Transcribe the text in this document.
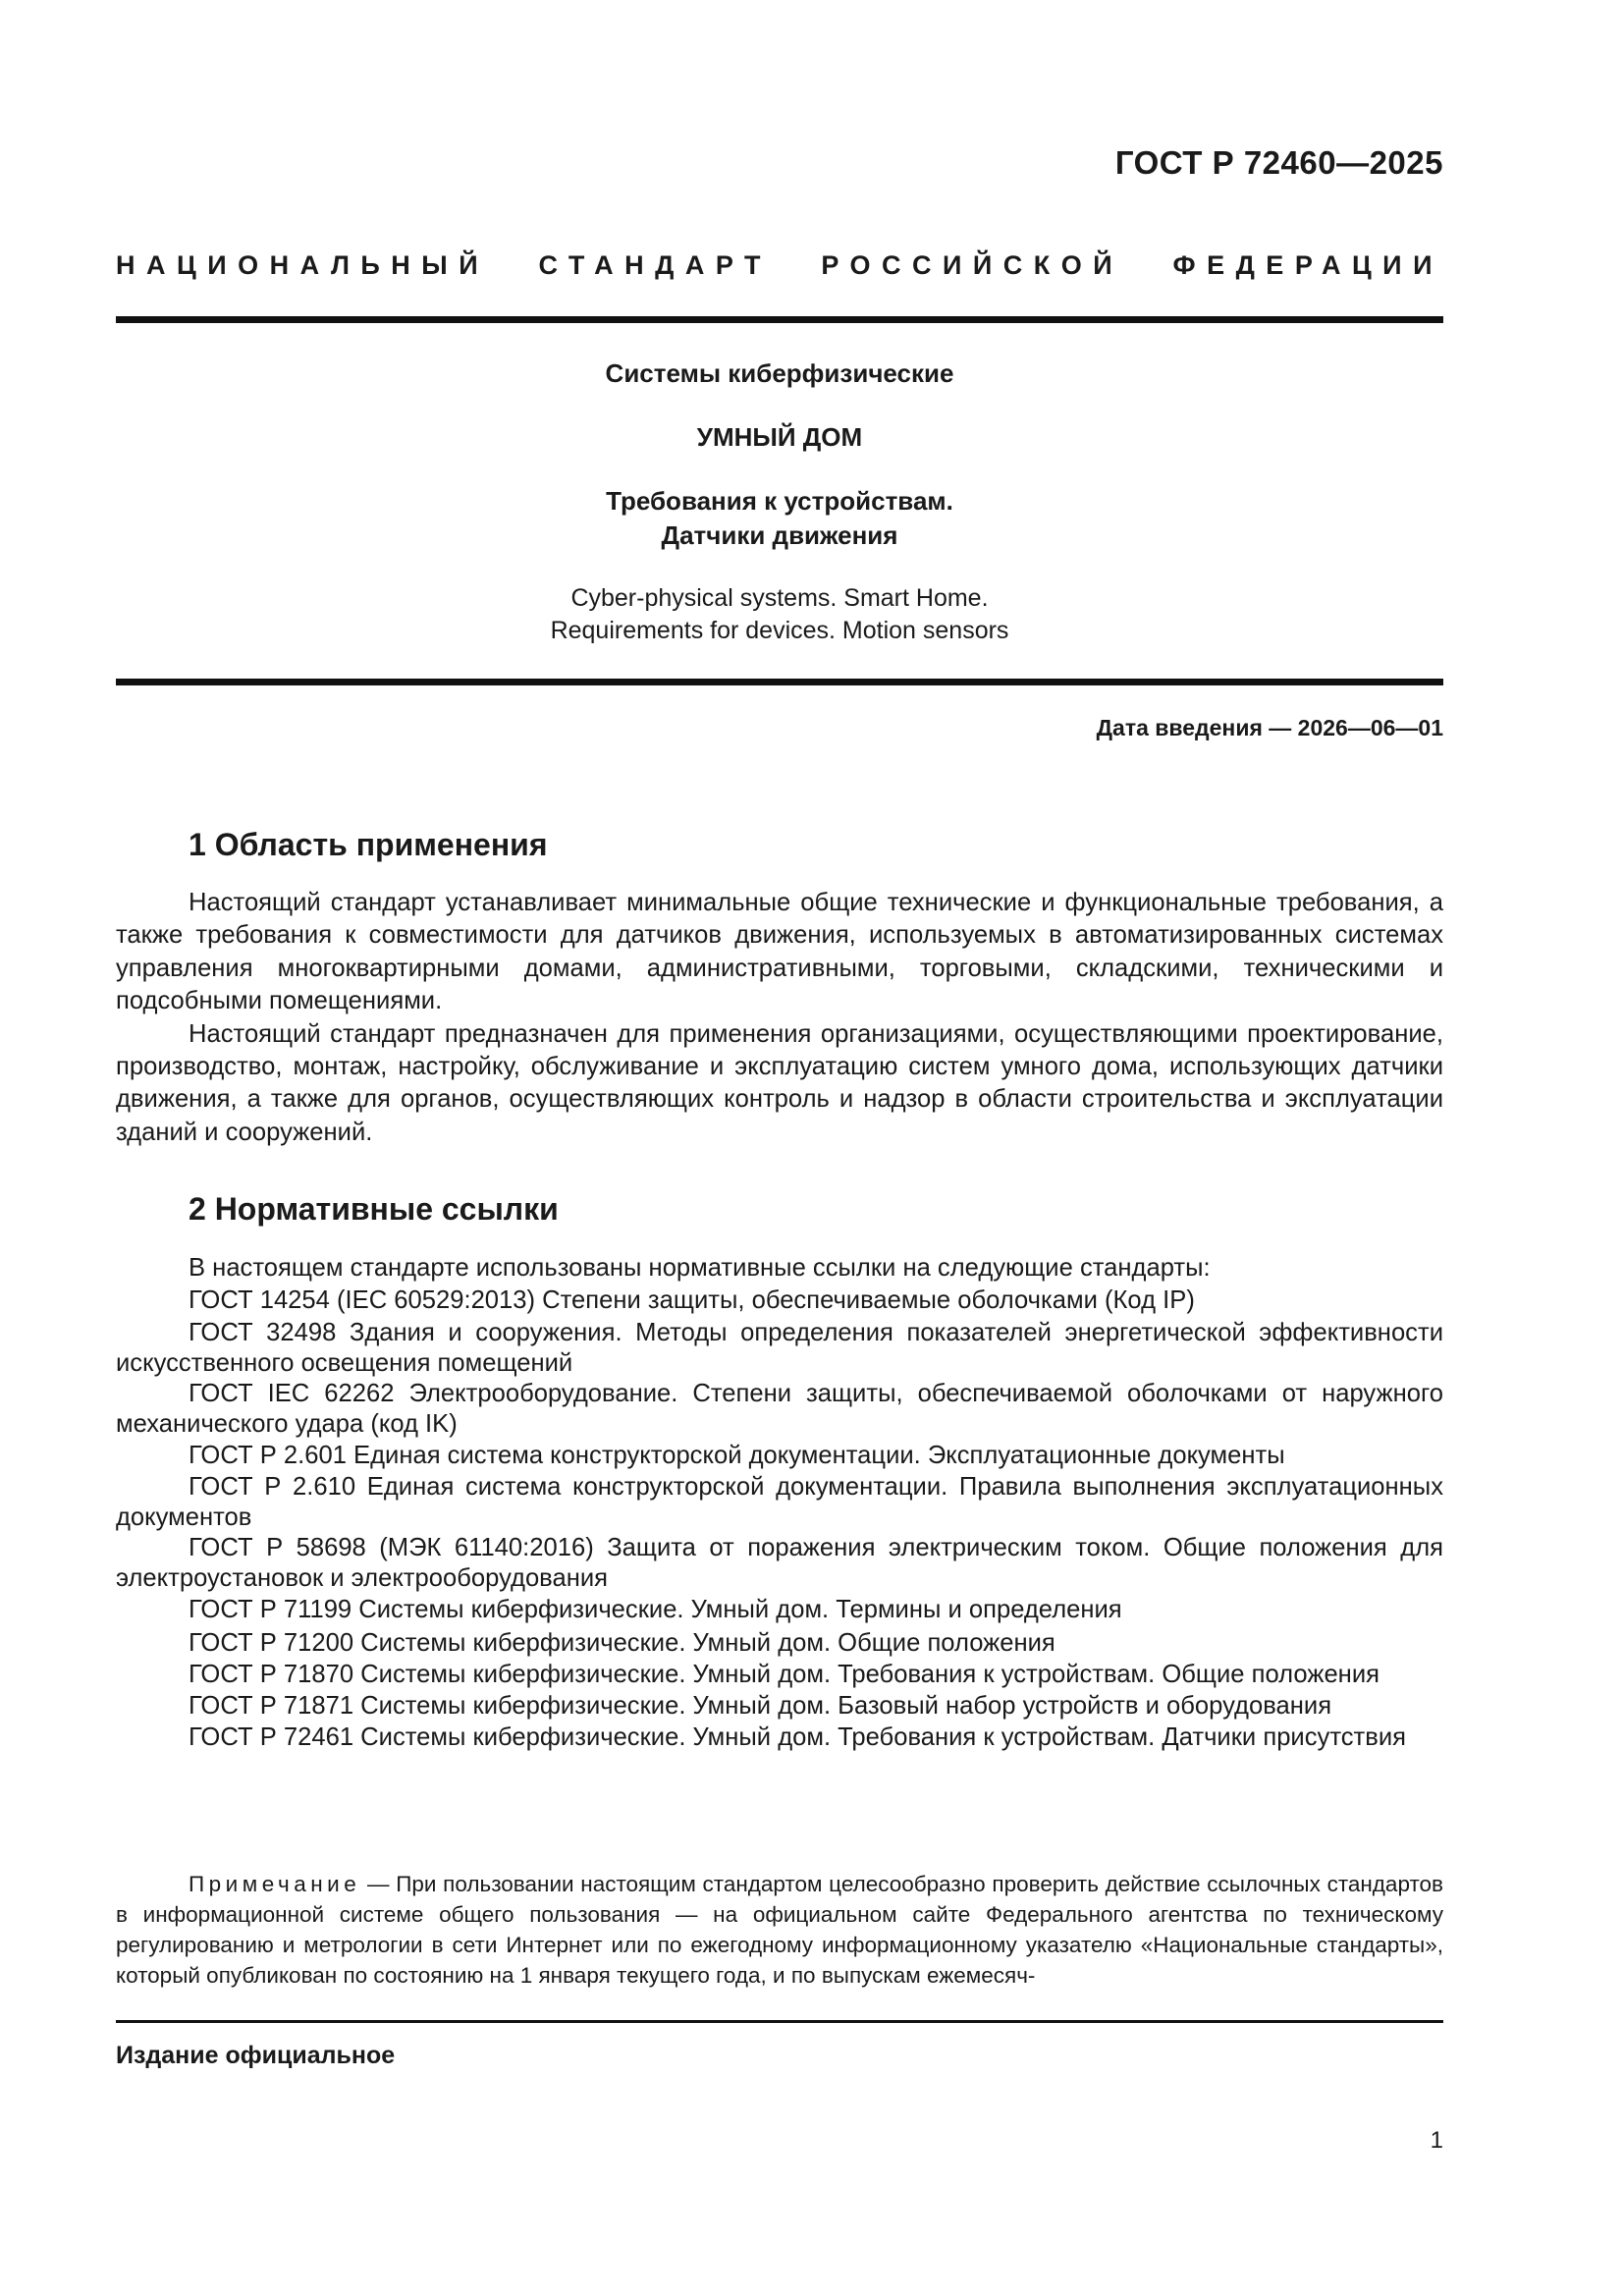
ГОСТ Р 72460—2025
НАЦИОНАЛЬНЫЙ СТАНДАРТ РОССИЙСКОЙ ФЕДЕРАЦИИ
Системы киберфизические
УМНЫЙ ДОМ
Требования к устройствам.
Датчики движения
Cyber-physical systems. Smart Home.
Requirements for devices. Motion sensors
Дата введения — 2026—06—01
1 Область применения

Настоящий стандарт устанавливает минимальные общие технические и функциональные требования, а также требования к совместимости для датчиков движения, используемых в автоматизированных системах управления многоквартирными домами, административными, торговыми, складскими, техническими и подсобными помещениями.

Настоящий стандарт предназначен для применения организациями, осуществляющими проектирование, производство, монтаж, настройку, обслуживание и эксплуатацию систем умного дома, использующих датчики движения, а также для органов, осуществляющих контроль и надзор в области строительства и эксплуатации зданий и сооружений.

2 Нормативные ссылки

В настоящем стандарте использованы нормативные ссылки на следующие стандарты:

ГОСТ 14254 (IEC 60529:2013) Степени защиты, обеспечиваемые оболочками (Код IP)

ГОСТ 32498 Здания и сооружения. Методы определения показателей энергетической эффективности искусственного освещения помещений

ГОСТ IEC 62262 Электрооборудование. Степени защиты, обеспечиваемой оболочками от наружного механического удара (код IK)

ГОСТ Р 2.601 Единая система конструкторской документации. Эксплуатационные документы

ГОСТ Р 2.610 Единая система конструкторской документации. Правила выполнения эксплуатационных документов

ГОСТ Р 58698 (МЭК 61140:2016) Защита от поражения электрическим током. Общие положения для электроустановок и электрооборудования

ГОСТ Р 71199 Системы киберфизические. Умный дом. Термины и определения

ГОСТ Р 71200 Системы киберфизические. Умный дом. Общие положения

ГОСТ Р 71870 Системы киберфизические. Умный дом. Требования к устройствам. Общие положения

ГОСТ Р 71871 Системы киберфизические. Умный дом. Базовый набор устройств и оборудования

ГОСТ Р 72461 Системы киберфизические. Умный дом. Требования к устройствам. Датчики присутствия

Примечание — При пользовании настоящим стандартом целесообразно проверить действие ссылочных стандартов в информационной системе общего пользования — на официальном сайте Федерального агентства по техническому регулированию и метрологии в сети Интернет или по ежегодному информационному указателю «Национальные стандарты», который опубликован по состоянию на 1 января текущего года, и по выпускам ежемесяч-

Издание официальное
1
